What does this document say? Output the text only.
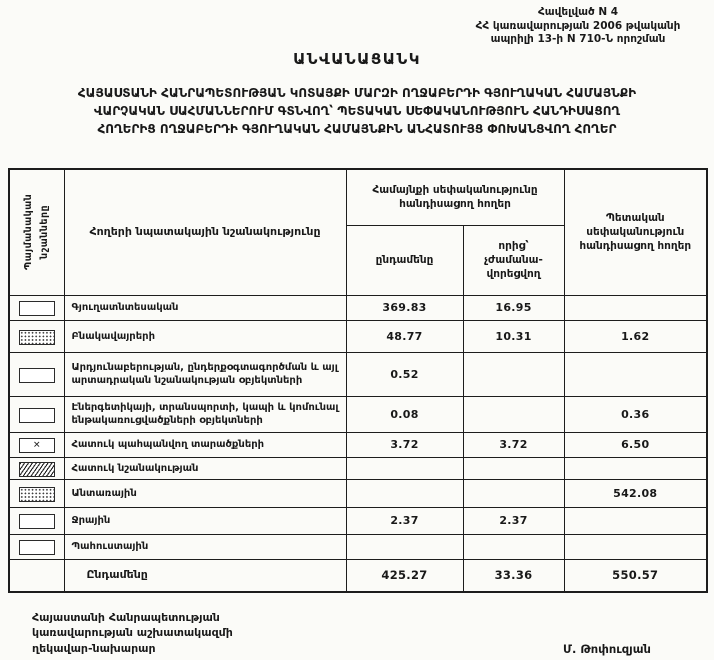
Հավելված N 4
ՀՀ կառավարության 2006 թվականի
ապրիլի 13-ի N 710-Ն որոշման
ԱՆՎԱՆԱՑԱՆԿ
ՀԱՅԱՍՏԱՆԻ ՀԱՆՐԱՊԵՏՈՒԹՅԱՆ ԿՈՏԱՅՔԻ ՄԱՐԶԻ ՈՂՋԱԲԵՐԴԻ ԳՅՈՒՂԱԿԱՆ ՀԱՄԱՅՆՔԻ
ՎԱՐՉԱԿԱՆ ՍԱՀՄԱՆՆԵՐՈՒՄ ԳՏՆՎՈՂ՝ ՊԵՏԱԿԱՆ ՍԵՓԱԿԱՆՈՒԹՅՈՒՆ ՀԱՆԴԻՍԱՑՈՂ
ՀՈՂԵՐԻՑ ՈՂՋԱԲԵՐԴԻ ԳՅՈՒՂԱԿԱՆ ՀԱՄԱՅՆՔԻՆ ԱՆՀԱՏՈՒՅՑ ՓՈԽԱՆՑՎՈՂ ՀՈՂԵՐ
Պայմանական նշանները	Հողերի նպատակային նշանակությունը	Համայնքի սեփականությունը հանդիսացող հողեր		Պետական սեփականություն հանդիսացող հողեր
		ընդամենը	որից՝ չժամանա-
վորեցվող	

	Գյուղատնտեսական	369.83	16.95	
	Բնակավայրերի	48.77	10.31	1.62
	Արդյունաբերության, ընդերքօգտագործման և այլ արտադրական նշանակության օբյեկտների	0.52		
	Էներգետիկայի, տրանսպորտի, կապի և կոմունալ ենթակառուցվածքների օբյեկտների	0.08		0.36
✕	Հատուկ պահպանվող տարածքների	3.72	3.72	6.50
	Հատուկ նշանակության			
	Անտառային			542.08
	Ջրային	2.37	2.37	
	Պահուստային			
	Ընդամենը	425.27	33.36	550.57
Հայաստանի Հանրապետության
կառավարության աշխատակազմի
ղեկավար-նախարար	Մ. Թոփուզյան
